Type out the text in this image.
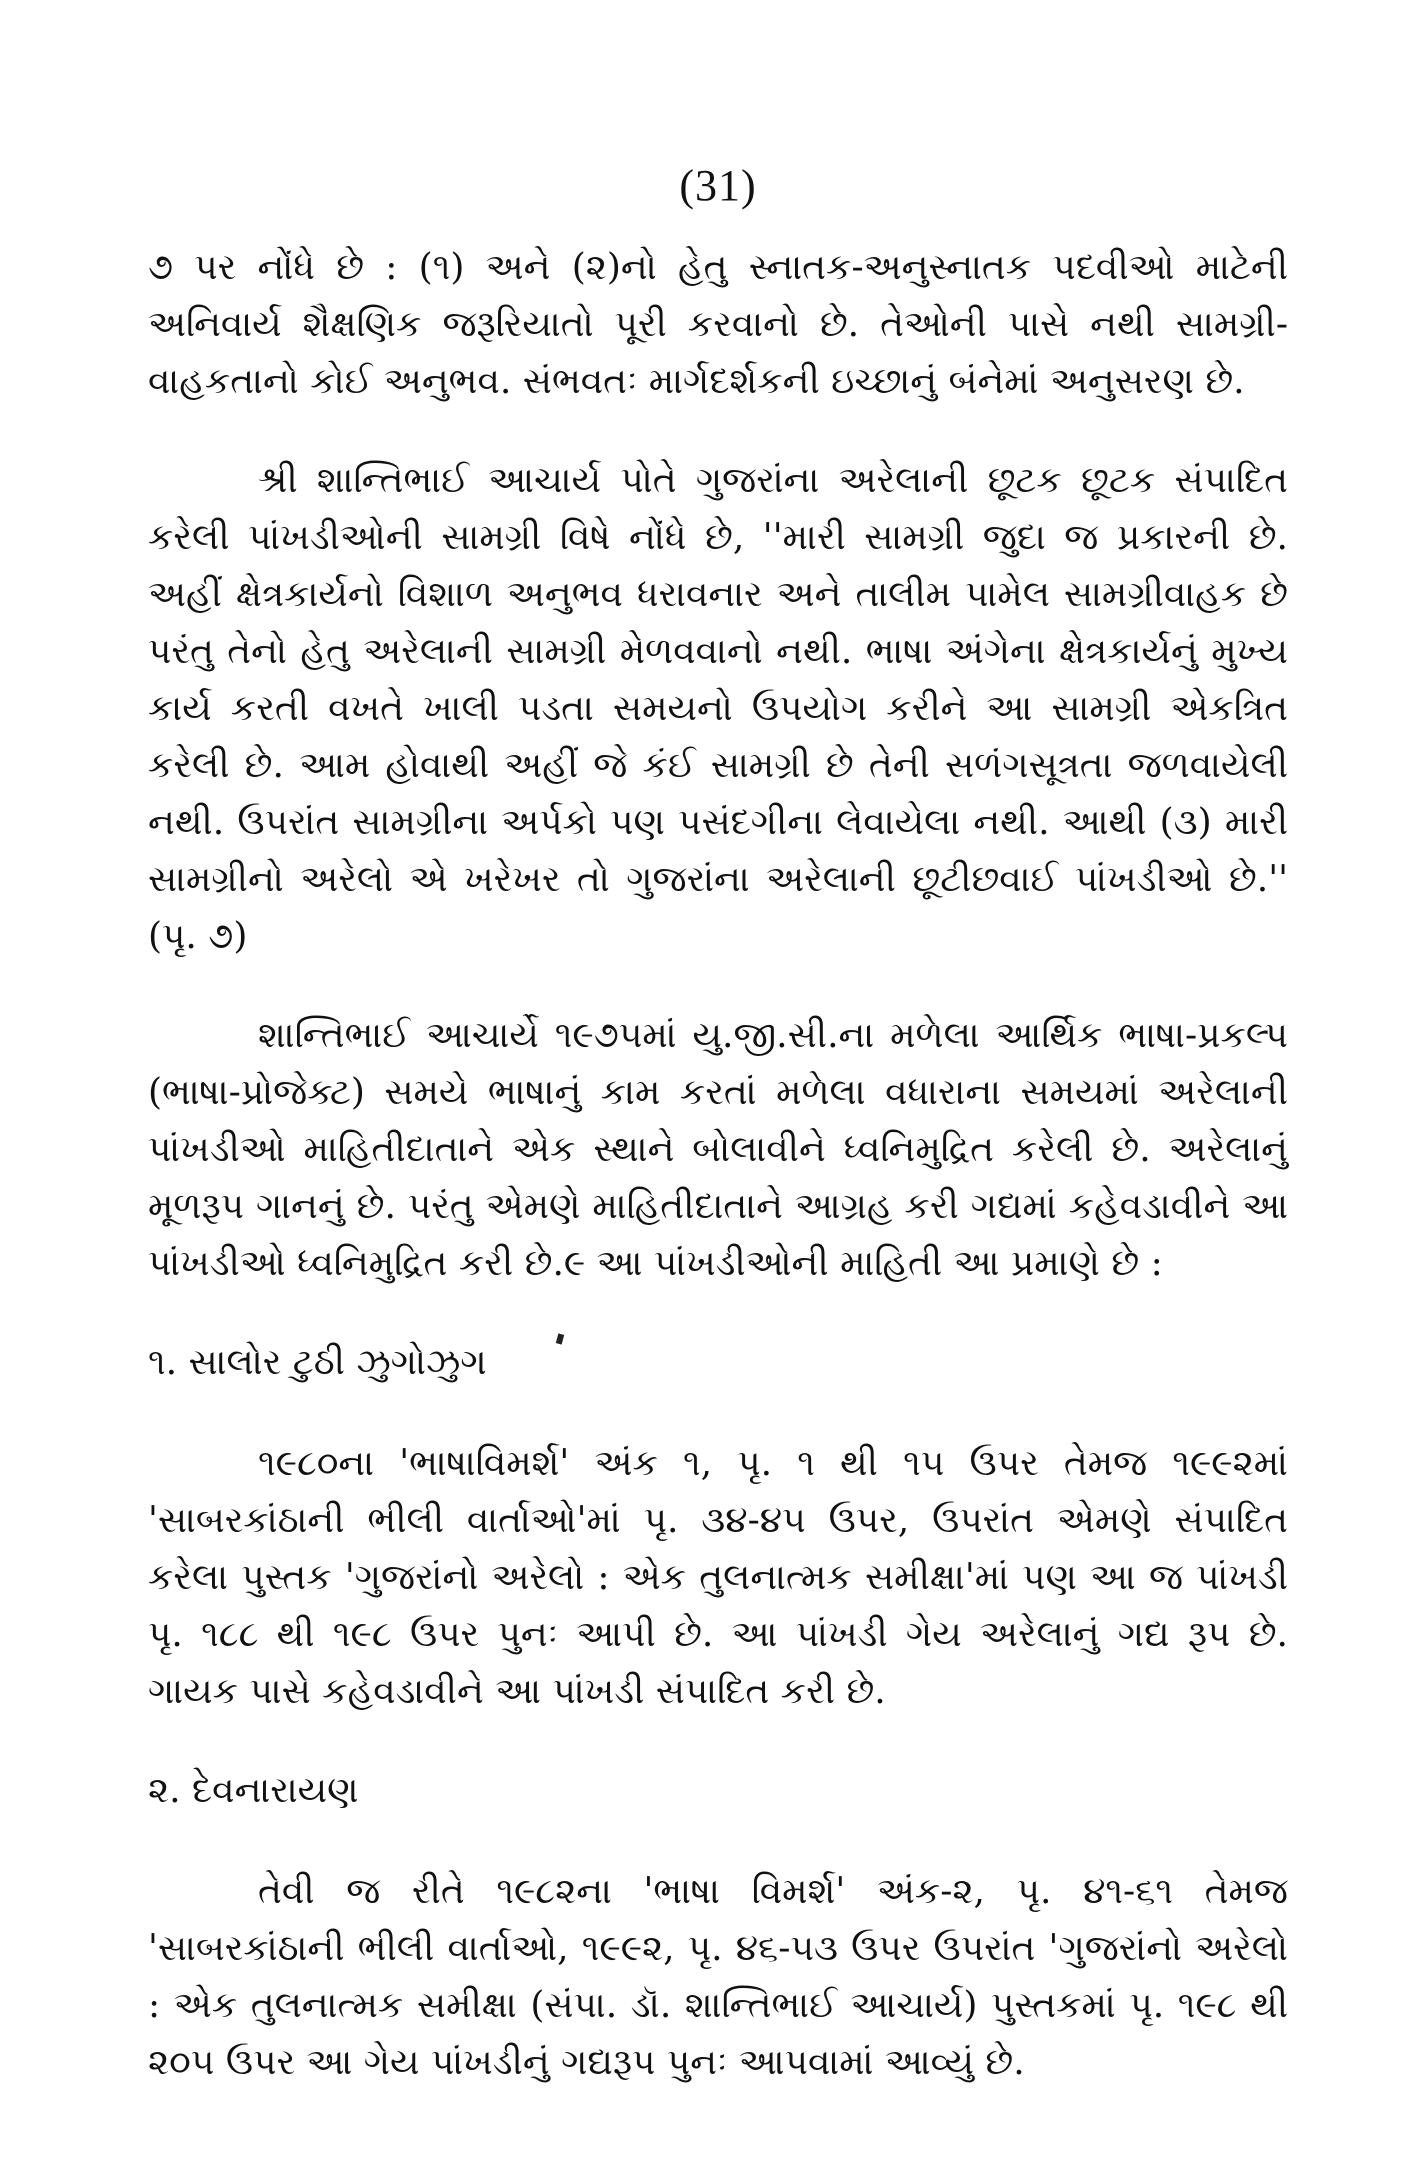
(31)

૭ પર નોંધે છે : (૧) અને (૨)નો હેતુ સ્નાતક-અનુસ્નાતક પદવીઓ માટેની અનિવાર્ય શૈક્ષણિક જરૂરિયાતો પૂરી કરવાનો છે. તેઓની પાસે નથી સામગ્રી-વાહકતાનો કોઈ અનુભવ. સંભવતઃ માર્ગદર્શકની ઇચ્છાનું બંનેમાં અનુસરણ છે.

શ્રી શાન્તિભાઈ આચાર્ય પોતે ગુજરાંના અરેલાની છૂટક છૂટક સંપાદિત કરેલી પાંખડીઓની સામગ્રી વિષે નોંધે છે, ''મારી સામગ્રી જુદા જ પ્રકારની છે. અહીં ક્ષેત્રકાર્યનો વિશાળ અનુભવ ધરાવનાર અને તાલીમ પામેલ સામગ્રીવાહક છે પરંતુ તેનો હેતુ અરેલાની સામગ્રી મેળવવાનો નથી. ભાષા અંગેના ક્ષેત્રકાર્યનું મુખ્ય કાર્ય કરતી વખતે ખાલી પડતા સમયનો ઉપયોગ કરીને આ સામગ્રી એકત્રિત કરેલી છે. આમ હોવાથી અહીં જે કંઈ સામગ્રી છે તેની સળંગસૂત્રતા જળવાયેલી નથી. ઉપરાંત સામગ્રીના અર્પકો પણ પસંદગીના લેવાયેલા નથી. આથી (૩) મારી સામગ્રીનો અરેલો એ ખરેખર તો ગુજરાંના અરેલાની છૂટીછવાઈ પાંખડીઓ છે.'' (પૃ. ૭)

શાન્તિભાઈ આચાર્યે ૧૯૭૫માં યુ.જી.સી.ના મળેલા આર્થિક ભાષા-પ્રકલ્પ (ભાષા-પ્રોજેક્ટ) સમયે ભાષાનું કામ કરતાં મળેલા વધારાના સમયમાં અરેલાની પાંખડીઓ માહિતીદાતાને એક સ્થાને બોલાવીને ધ્વનિમુદ્રિત કરેલી છે. અરેલાનું મૂળરૂપ ગાનનું છે. પરંતુ એમણે માહિતીદાતાને આગ્રહ કરી ગદ્યમાં કહેવડાવીને આ પાંખડીઓ ધ્વનિમુદ્રિત કરી છે.૯ આ પાંખડીઓની માહિતી આ પ્રમાણે છે :

૧. સાલોર ટુઠી ઝુગોઝુગ

૧૯૮૦ના 'ભાષાવિમર્શ' અંક ૧, પૃ. ૧ થી ૧૫ ઉપર તેમજ ૧૯૯૨માં 'સાબરકાંઠાની ભીલી વાર્તાઓ'માં પૃ. ૩૪-૪૫ ઉપર, ઉપરાંત એમણે સંપાદિત કરેલા પુસ્તક 'ગુજરાંનો અરેલો : એક તુલનાત્મક સમીક્ષા'માં પણ આ જ પાંખડી પૃ. ૧૮૮ થી ૧૯૮ ઉપર પુનઃ આપી છે. આ પાંખડી ગેય અરેલાનું ગદ્ય રૂપ છે. ગાયક પાસે કહેવડાવીને આ પાંખડી સંપાદિત કરી છે.

૨. દેવનારાયણ

તેવી જ રીતે ૧૯૮૨ના 'ભાષા વિમર્શ' અંક-૨, પૃ. ૪૧-૬૧ તેમજ 'સાબરકાંઠાની ભીલી વાર્તાઓ, ૧૯૯૨, પૃ. ૪૬-૫૩ ઉપર ઉપરાંત 'ગુજરાંનો અરેલો : એક તુલનાત્મક સમીક્ષા (સંપા. ડૉ. શાન્તિભાઈ આચાર્ય) પુસ્તકમાં પૃ. ૧૯૮ થી ૨૦૫ ઉપર આ ગેય પાંખડીનું ગદ્યરૂપ પુનઃ આપવામાં આવ્યું છે.
